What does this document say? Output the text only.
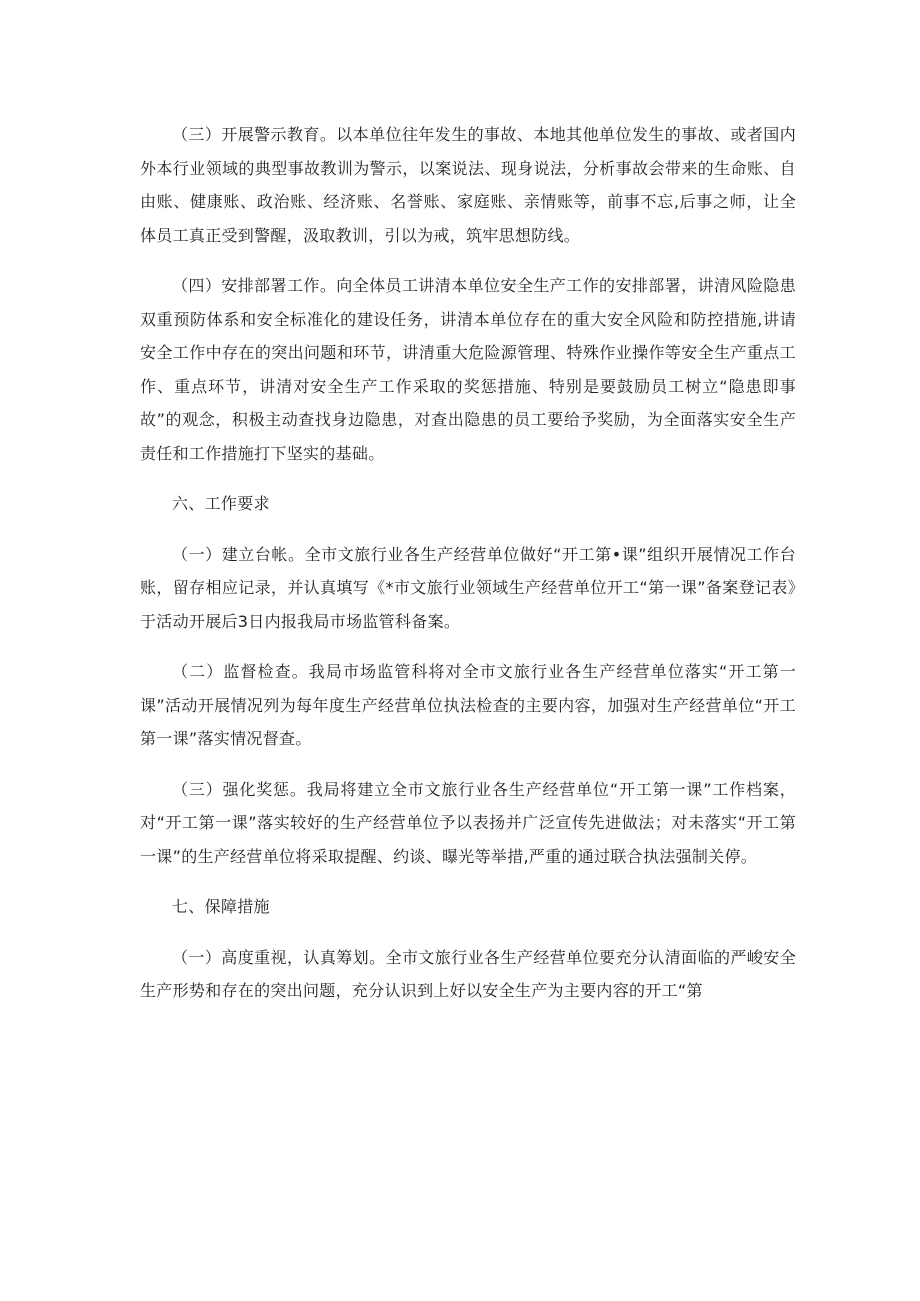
（三）开展警示教育。以本单位往年发生的事故、本地其他单位发生的事故、或者国内外本行业领域的典型事故教训为警示，以案说法、现身说法，分析事故会带来的生命账、自由账、健康账、政治账、经济账、名誉账、家庭账、亲情账等，前事不忘,后事之师，让全体员工真正受到警醒，汲取教训，引以为戒，筑牢思想防线。

（四）安排部署工作。向全体员工讲清本单位安全生产工作的安排部署，讲清风险隐患双重预防体系和安全标准化的建设任务，讲清本单位存在的重大安全风险和防控措施,讲请安全工作中存在的突出问题和环节，讲清重大危险源管理、特殊作业操作等安全生产重点工作、重点环节，讲清对安全生产工作采取的奖惩措施、特别是要鼓励员工树立“隐患即事故”的观念，积极主动查找身边隐患，对查出隐患的员工要给予奖励，为全面落实安全生产责任和工作措施打下坚实的基础。

六、工作要求

（一）建立台帐。全市文旅行业各生产经营单位做好“开工第•课”组织开展情况工作台账，留存相应记录，并认真填写《*市文旅行业领域生产经营单位开工“第一课”备案登记表》于活动开展后3日内报我局市场监管科备案。

（二）监督检查。我局市场监管科将对全市文旅行业各生产经营单位落实“开工第一课”活动开展情况列为每年度生产经营单位执法检查的主要内容，加强对生产经营单位“开工第一课”落实情况督查。

（三）强化奖惩。我局将建立全市文旅行业各生产经营单位“开工第一课”工作档案，对“开工第一课”落实较好的生产经营单位予以表扬并广泛宣传先进做法；对未落实“开工第一课”的生产经营单位将采取提醒、约谈、曝光等举措,严重的通过联合执法强制关停。

七、保障措施

（一）高度重视，认真筹划。全市文旅行业各生产经营单位要充分认清面临的严峻安全生产形势和存在的突出问题，充分认识到上好以安全生产为主要内容的开工“第
